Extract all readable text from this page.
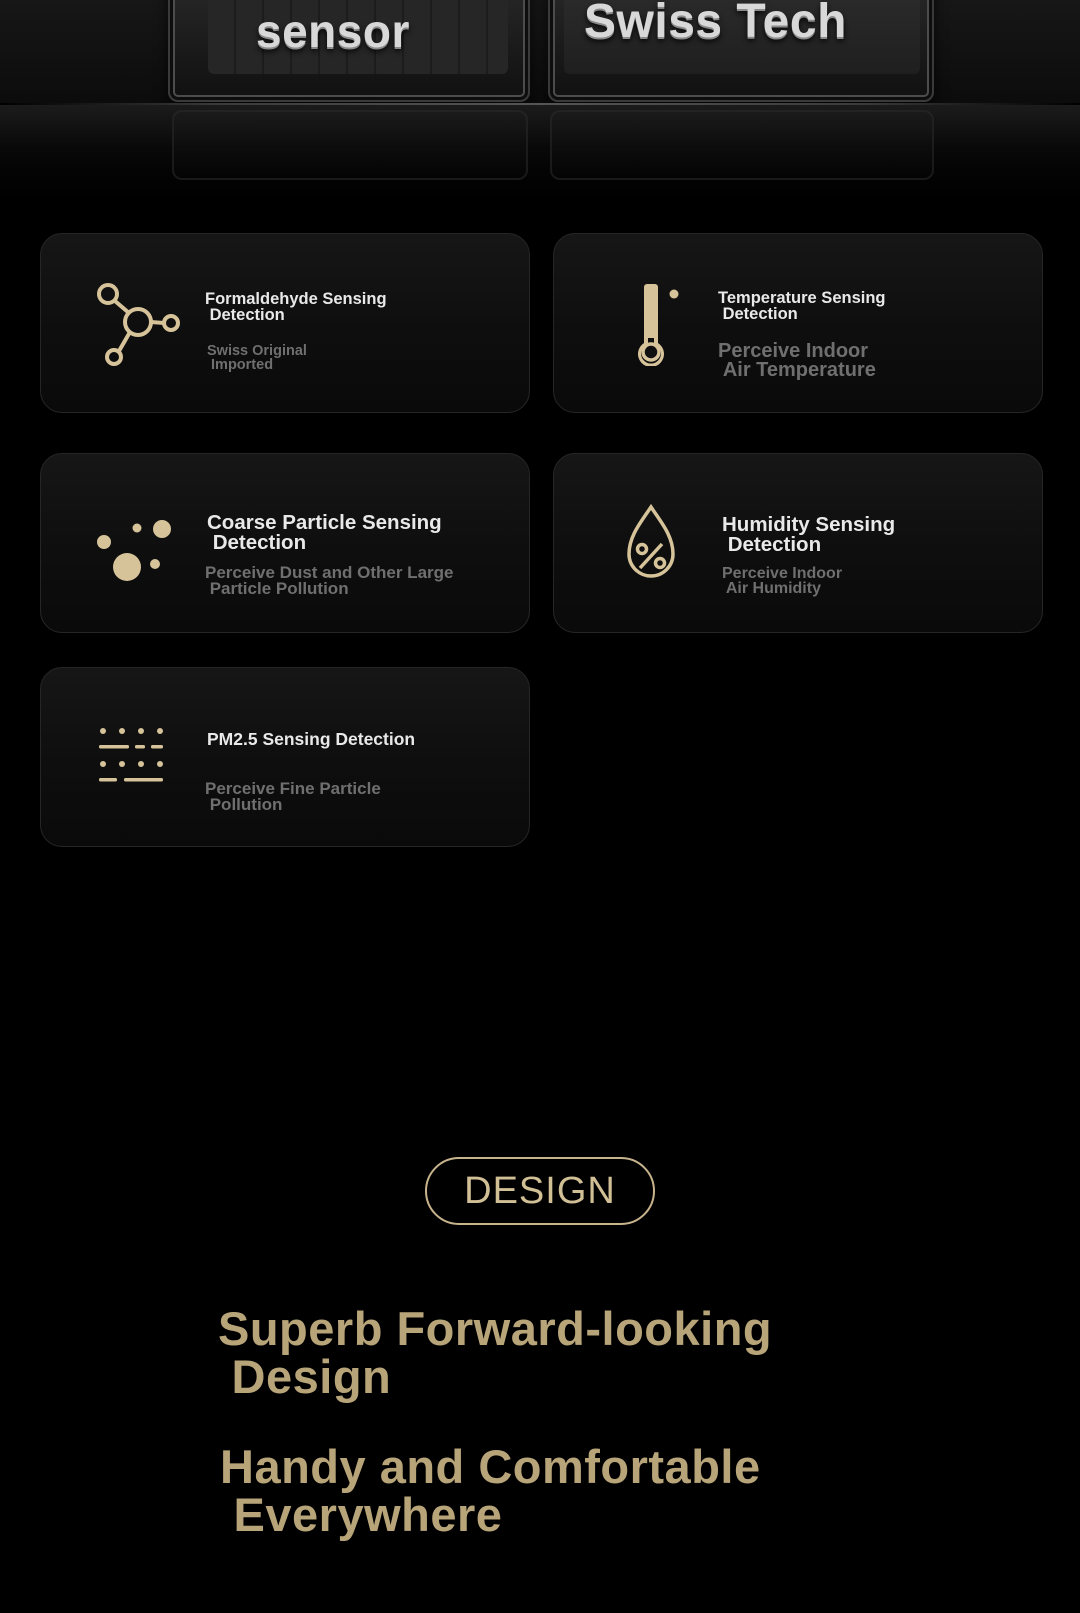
sensor	Swiss Tech
Formaldehyde Sensing
Detection
Swiss Original
Imported
Temperature Sensing
Detection
Perceive Indoor
Air Temperature
Coarse Particle Sensing
Detection
Perceive Dust and Other Large
Particle Pollution
Humidity Sensing
Detection
Perceive Indoor
Air Humidity
PM2.5 Sensing Detection
Perceive Fine Particle
Pollution
DESIGN
Superb Forward-looking
Design
Handy and Comfortable
Everywhere
